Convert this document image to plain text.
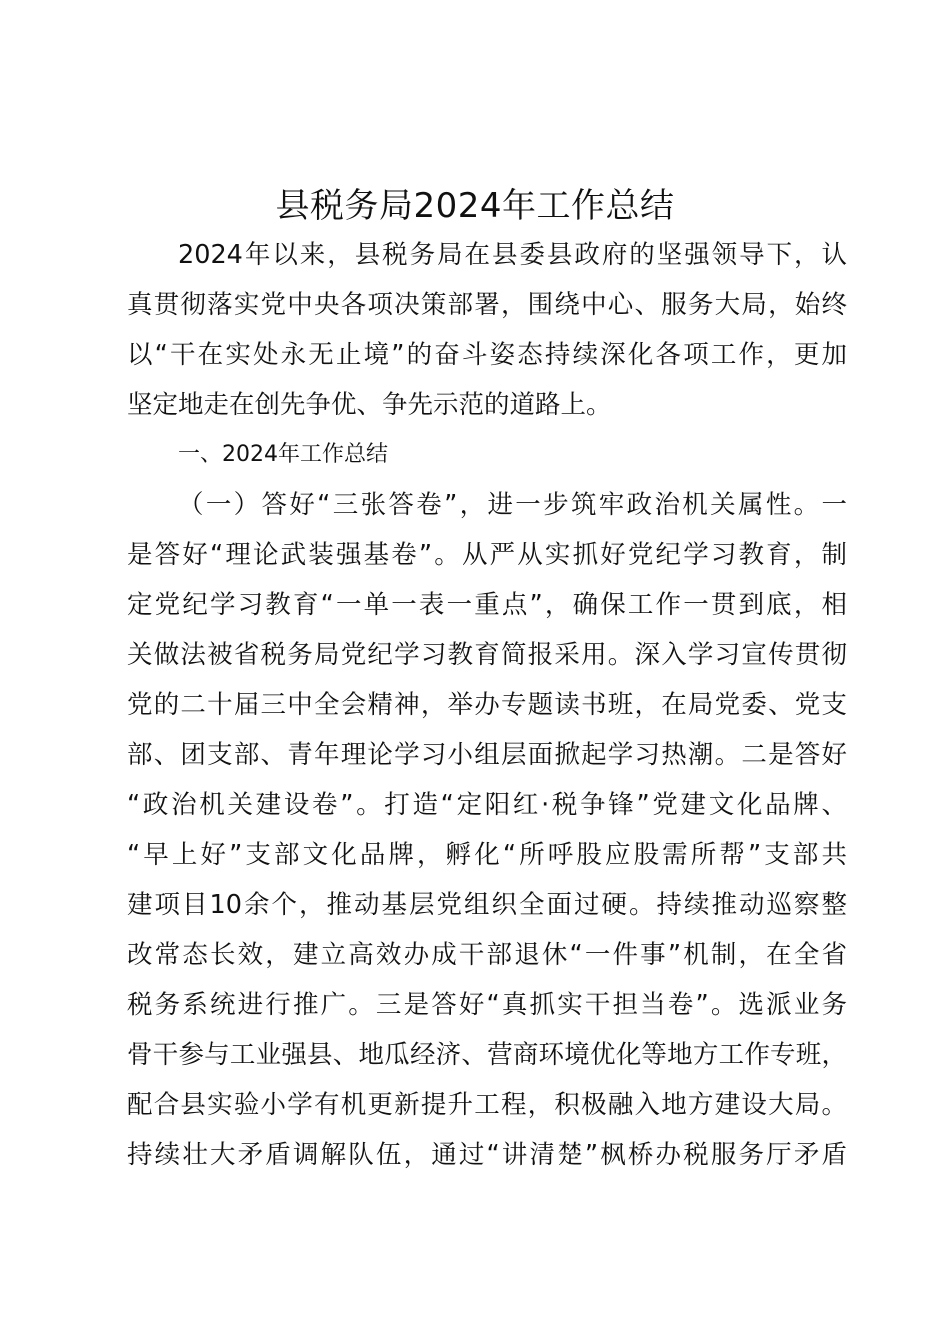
县税务局2024年工作总结
2024年以来，县税务局在县委县政府的坚强领导下，认
真贯彻落实党中央各项决策部署，围绕中心、服务大局，始终
以“干在实处永无止境”的奋斗姿态持续深化各项工作，更加
坚定地走在创先争优、争先示范的道路上。
一、2024年工作总结
（一）答好“三张答卷”，进一步筑牢政治机关属性。一
是答好“理论武装强基卷”。从严从实抓好党纪学习教育，制
定党纪学习教育“一单一表一重点”，确保工作一贯到底，相
关做法被省税务局党纪学习教育简报采用。深入学习宣传贯彻
党的二十届三中全会精神，举办专题读书班，在局党委、党支
部、团支部、青年理论学习小组层面掀起学习热潮。二是答好
“政治机关建设卷”。打造“定阳红·税争锋”党建文化品牌、
“早上好”支部文化品牌，孵化“所呼股应股需所帮”支部共
建项目10余个，推动基层党组织全面过硬。持续推动巡察整
改常态长效，建立高效办成干部退休“一件事”机制，在全省
税务系统进行推广。三是答好“真抓实干担当卷”。选派业务
骨干参与工业强县、地瓜经济、营商环境优化等地方工作专班，
配合县实验小学有机更新提升工程，积极融入地方建设大局。
持续壮大矛盾调解队伍，通过“讲清楚”枫桥办税服务厅矛盾
